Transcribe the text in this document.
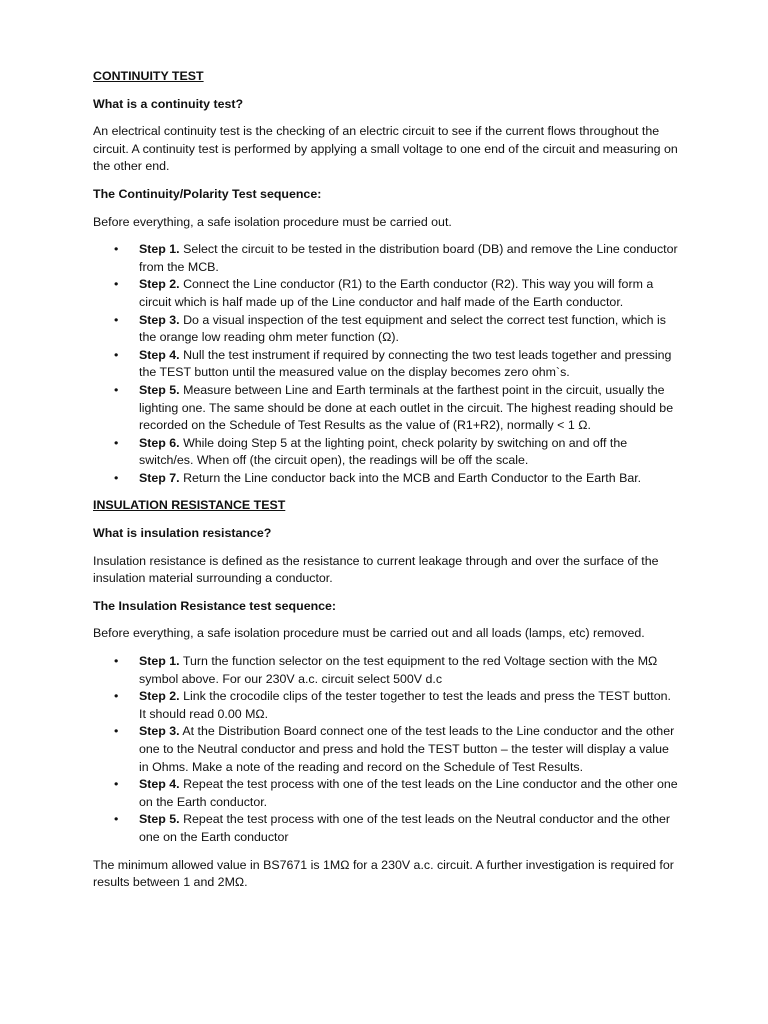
CONTINUITY TEST
What is a continuity test?

An electrical continuity test is the checking of an electric circuit to see if the current flows throughout the circuit. A continuity test is performed by applying a small voltage to one end of the circuit and measuring on the other end.

The Continuity/Polarity Test sequence:

Before everything, a safe isolation procedure must be carried out.

• Step 1. Select the circuit to be tested in the distribution board (DB) and remove the Line conductor from the MCB.
• Step 2. Connect the Line conductor (R1) to the Earth conductor (R2). This way you will form a circuit which is half made up of the Line conductor and half made of the Earth conductor.
• Step 3. Do a visual inspection of the test equipment and select the correct test function, which is the orange low reading ohm meter function (Ω).
• Step 4. Null the test instrument if required by connecting the two test leads together and pressing the TEST button until the measured value on the display becomes zero ohm`s.
• Step 5. Measure between Line and Earth terminals at the farthest point in the circuit, usually the lighting one. The same should be done at each outlet in the circuit. The highest reading should be recorded on the Schedule of Test Results as the value of (R1+R2), normally < 1 Ω.
• Step 6. While doing Step 5 at the lighting point, check polarity by switching on and off the switch/es. When off (the circuit open), the readings will be off the scale.
• Step 7. Return the Line conductor back into the MCB and Earth Conductor to the Earth Bar.
INSULATION RESISTANCE TEST
What is insulation resistance?

Insulation resistance is defined as the resistance to current leakage through and over the surface of the insulation material surrounding a conductor.

The Insulation Resistance test sequence:

Before everything, a safe isolation procedure must be carried out and all loads (lamps, etc) removed.

• Step 1. Turn the function selector on the test equipment to the red Voltage section with the MΩ symbol above. For our 230V a.c. circuit select 500V d.c
• Step 2. Link the crocodile clips of the tester together to test the leads and press the TEST button. It should read 0.00 MΩ.
• Step 3. At the Distribution Board connect one of the test leads to the Line conductor and the other one to the Neutral conductor and press and hold the TEST button – the tester will display a value in Ohms. Make a note of the reading and record on the Schedule of Test Results.
• Step 4. Repeat the test process with one of the test leads on the Line conductor and the other one on the Earth conductor.
• Step 5. Repeat the test process with one of the test leads on the Neutral conductor and the other one on the Earth conductor

The minimum allowed value in BS7671 is 1MΩ for a 230V a.c. circuit. A further investigation is required for results between 1 and 2MΩ.
